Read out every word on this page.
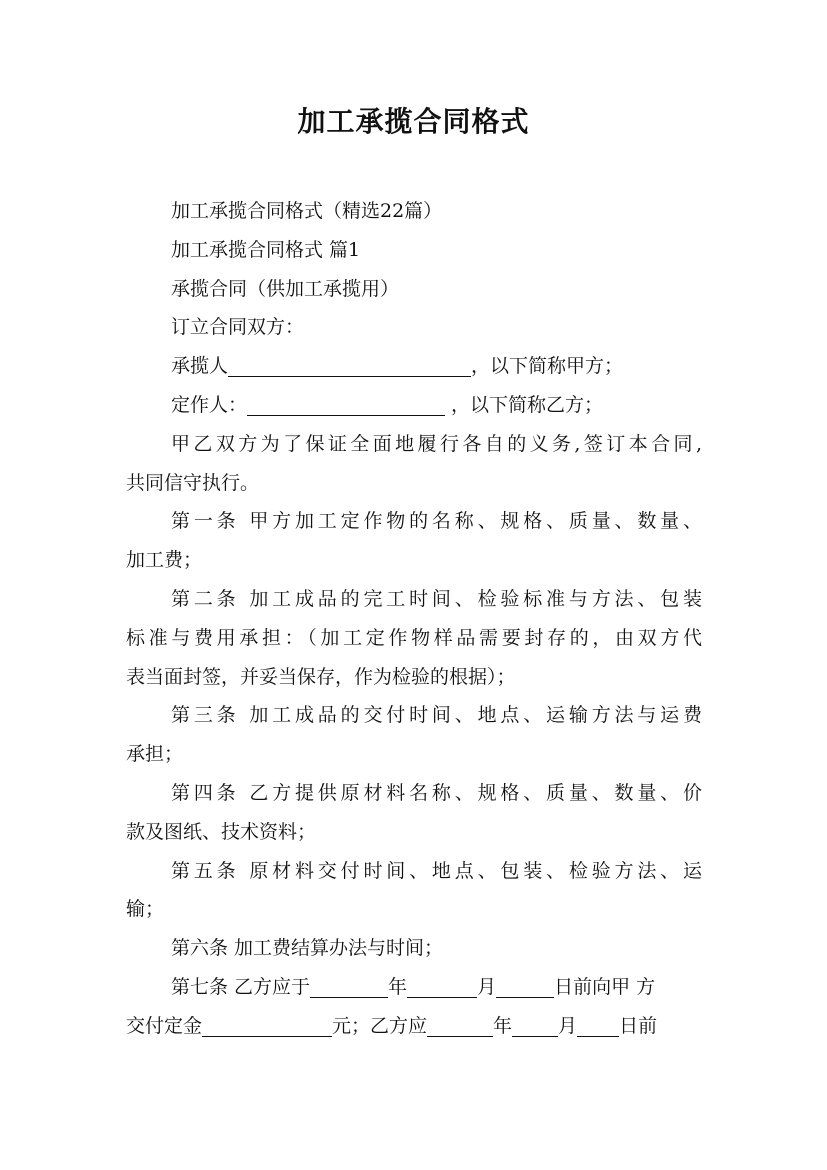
加工承揽合同格式
加工承揽合同格式（精选22篇）
加工承揽合同格式 篇1
承揽合同（供加工承揽用）
订立合同双方：
承揽人	，以下简称甲方；
定作人：	，以下简称乙方；
甲乙双方为了保证全面地履行各自的义务,签订本合同,
共同信守执行。
第一条 甲方加工定作物的名称、规格、质量、数量、
加工费；
第二条 加工成品的完工时间、检验标准与方法、包装
标准与费用承担：（加工定作物样品需要封存的，由双方代
表当面封签，并妥当保存，作为检验的根据）；
第三条 加工成品的交付时间、地点、运输方法与运费
承担；
第四条 乙方提供原材料名称、规格、质量、数量、价
款及图纸、技术资料；
第五条 原材料交付时间、地点、包装、检验方法、运
输；
第六条 加工费结算办法与时间；
第七条 乙方应于	年	月	日前向甲 方
交付定金	元；乙方应	年 月 日前
